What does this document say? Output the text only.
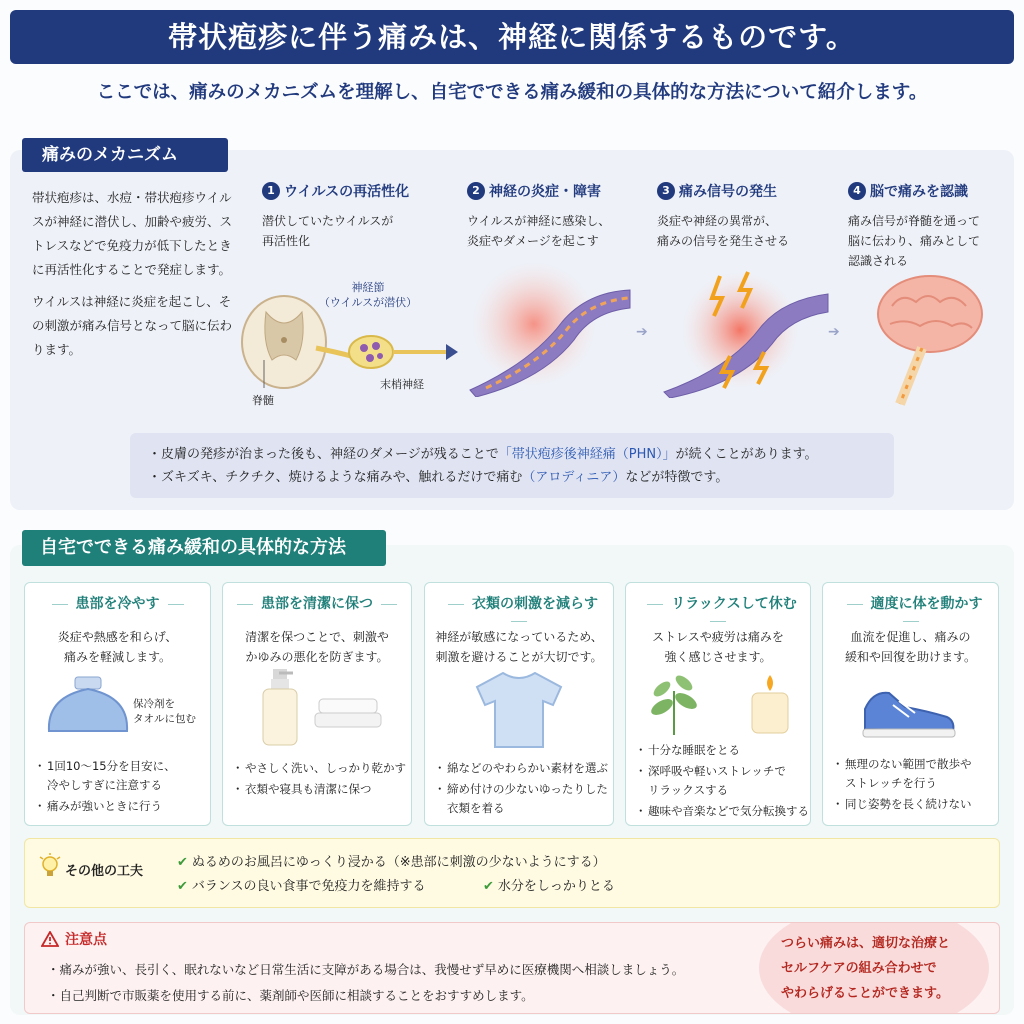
帯状疱疹に伴う痛みは、神経に関係するものです。
ここでは、痛みのメカニズムを理解し、自宅でできる痛み緩和の具体的な方法について紹介します。
痛みのメカニズム

帯状疱疹は、水痘・帯状疱疹ウイルスが神経に潜伏し、加齢や疲労、ストレスなどで免疫力が低下したときに再活性化することで発症します。

ウイルスは神経に炎症を起こし、その刺激が痛み信号となって脳に伝わります。

1 ウイルスの再活性化
潜伏していたウイルスが
再活性化
2 神経の炎症・障害
ウイルスが神経に感染し、
炎症やダメージを起こす
3 痛み信号の発生
炎症や神経の異常が、
痛みの信号を発生させる
4 脳で痛みを認識
痛み信号が脊髄を通って
脳に伝わり、痛みとして
認識される
神経節
（ウイルスが潜伏）
脊髄
末梢神経
➔	➔
・皮膚の発疹が治まった後も、神経のダメージが残ることで「帯状疱疹後神経痛（PHN）」が続くことがあります。
・ズキズキ、チクチク、焼けるような痛みや、触れるだけで痛む（アロディニア）などが特徴です。
自宅でできる痛み緩和の具体的な方法
患部を冷やす
炎症や熱感を和らげ、
痛みを軽減します。
保冷剤を
タオルに包む
・ 1回10〜15分を目安に、
冷やしすぎに注意する
・ 痛みが強いときに行う
患部を清潔に保つ
清潔を保つことで、刺激や
かゆみの悪化を防ぎます。
・ やさしく洗い、しっかり乾かす
・ 衣類や寝具も清潔に保つ
衣類の刺激を減らす
神経が敏感になっているため、
刺激を避けることが大切です。
・ 綿などのやわらかい素材を選ぶ
・ 締め付けの少ないゆったりした
衣類を着る
リラックスして休む
ストレスや疲労は痛みを
強く感じさせます。
・ 十分な睡眠をとる
・ 深呼吸や軽いストレッチで
リラックスする
・ 趣味や音楽などで気分転換する
適度に体を動かす
血流を促進し、痛みの
緩和や回復を助けます。
・ 無理のない範囲で散歩や
ストレッチを行う
・ 同じ姿勢を長く続けない
その他の工夫
✔ ぬるめのお風呂にゆっくり浸かる（※患部に刺激の少ないようにする）
✔ バランスの良い食事で免疫力を維持する	✔ 水分をしっかりとる
注意点
・ 痛みが強い、長引く、眠れないなど日常生活に支障がある場合は、我慢せず早めに医療機関へ相談しましょう。
・ 自己判断で市販薬を使用する前に、薬剤師や医師に相談することをおすすめします。
つらい痛みは、適切な治療と
セルフケアの組み合わせで
やわらげることができます。
